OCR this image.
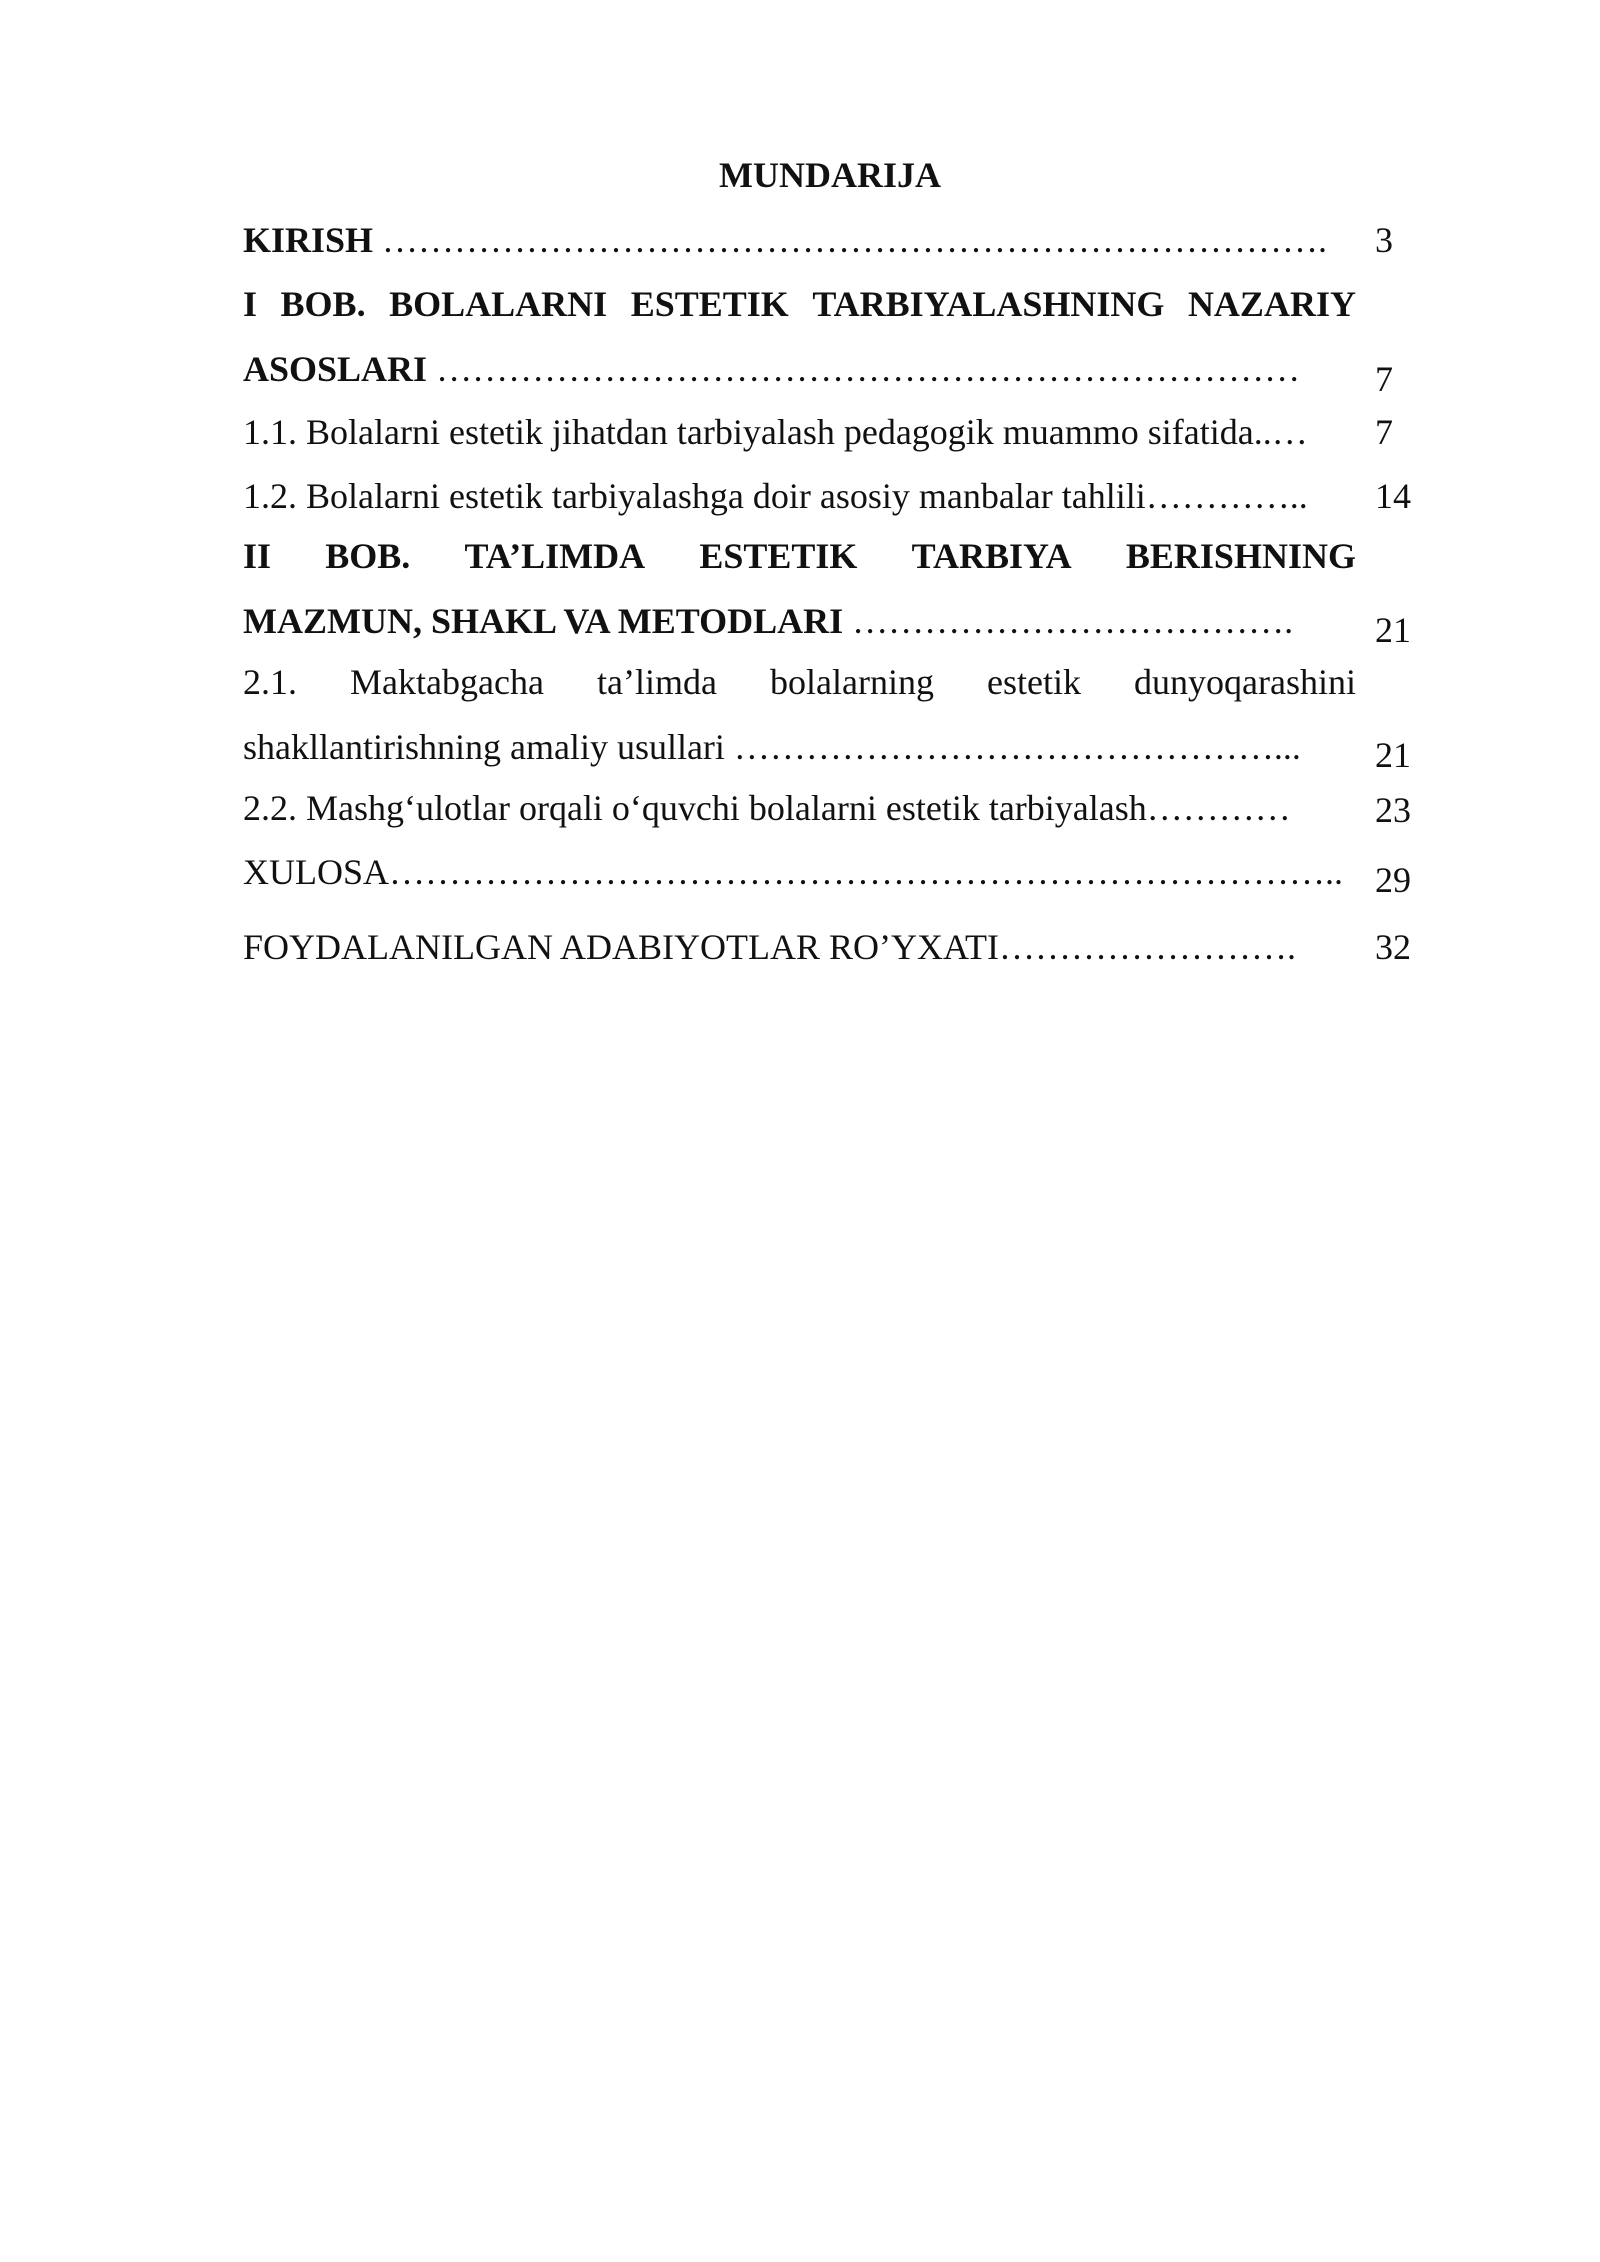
MUNDARIJA
KIRISH …………………………………………………………………….	3
I BOB. BOLALARNI ESTETIK TARBIYALASHNING NAZARIY
ASOSLARI ………………………………………………………………	7
1.1. Bolalarni estetik jihatdan tarbiyalash pedagogik muammo sifatida..…	7
1.2. Bolalarni estetik tarbiyalashga doir asosiy manbalar tahlili…………..	14
II BOB. TA’LIMDA ESTETIK TARBIYA BERISHNING
MAZMUN, SHAKL VA METODLARI ……………………………….	21
2.1. Maktabgacha ta’limda bolalarning estetik dunyoqarashini
shakllantirishning amaliy usullari ………………………………………...	21
2.2. Mashg‘ulotlar orqali o‘quvchi bolalarni estetik tarbiyalash…………	23
XULOSA…………………………………………………………………….. 29
FOYDALANILGAN ADABIYOTLAR RO’YXATI…………………….	32
